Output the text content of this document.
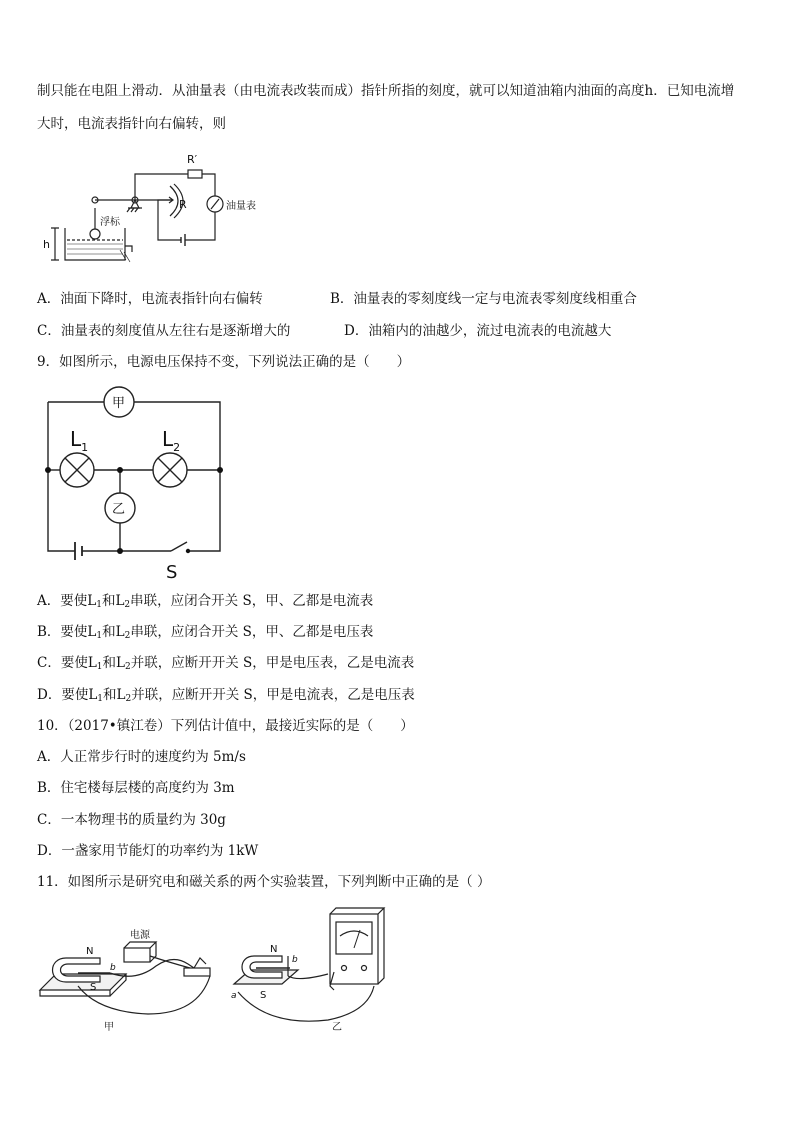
制只能在电阻上滑动．从油量表（由电流表改装而成）指针所指的刻度，就可以知道油箱内油面的高度h．已知电流增
大时，电流表指针向右偏转，则
R′
R	油量表
浮标
h
A．油面下降时，电流表指针向右偏转	B．油量表的零刻度线一定与电流表零刻度线相重合
C．油量表的刻度值从左往右是逐渐增大的	D．油箱内的油越少，流过电流表的电流越大
9．如图所示，电源电压保持不变，下列说法正确的是（　　）
甲
乙
$L_1$	$L_2$
S
A．要使$L_1$和$L_2$串联，应闭合开关 S，甲、乙都是电流表
B．要使$L_1$和$L_2$串联，应闭合开关 S，甲、乙都是电压表
C．要使$L_1$和$L_2$并联，应断开开关 S，甲是电压表，乙是电流表
D．要使$L_1$和$L_2$并联，应断开开关 S，甲是电流表，乙是电压表
10．（2017•镇江卷）下列估计值中，最接近实际的是（　　）
A．人正常步行时的速度约为 5m/s
B．住宅楼每层楼的高度约为 3m
C．一本物理书的质量约为 30g
D．一盏家用节能灯的功率约为 1kW
11．如图所示是研究电和磁关系的两个实验装置，下列判断中正确的是（ ）
N
S
电源
b
N
S
a
b
甲	乙
